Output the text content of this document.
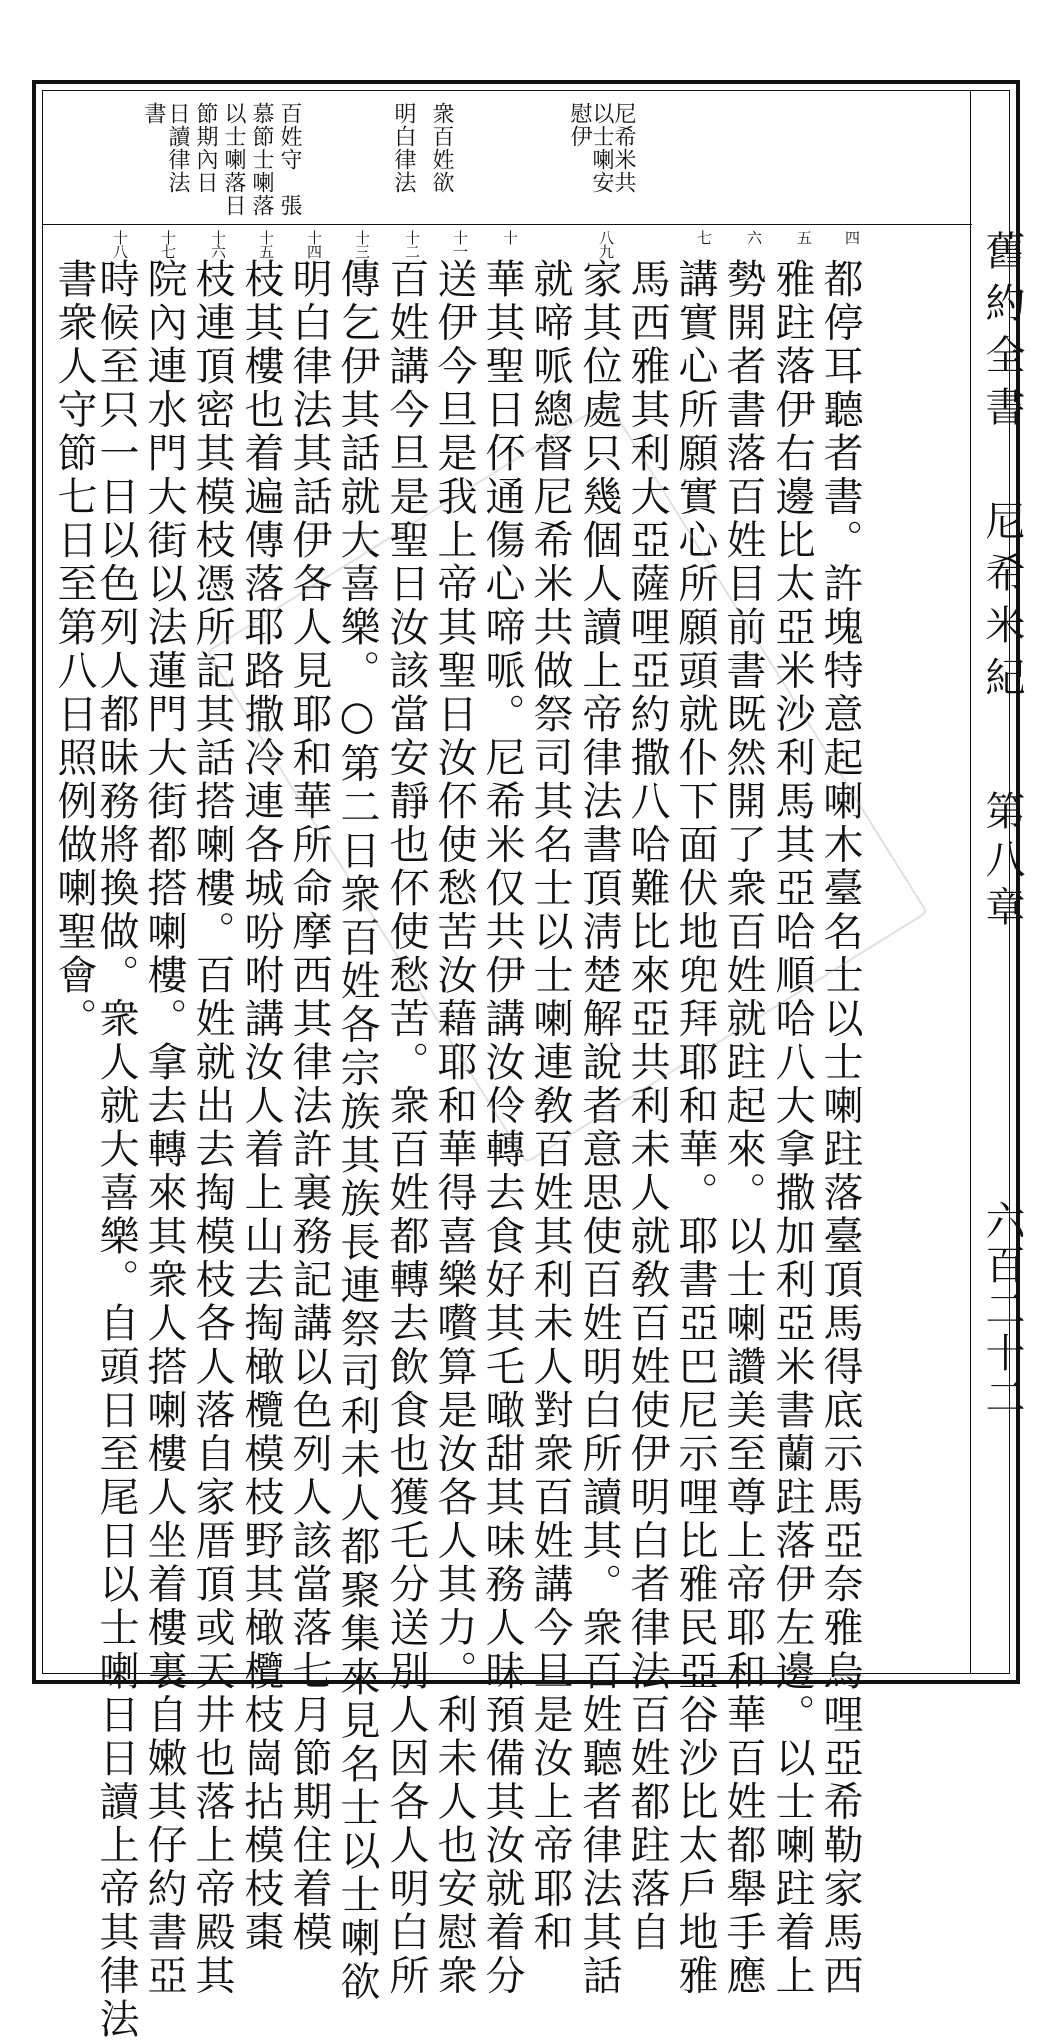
舊約全書
尼希米紀
第八章
六百二十二
尼希米共
以士喇安
慰伊
衆百姓欲
明白律法
百姓守　張
慕節士喇落
以士喇落日
節期內日
日讀律法
書
四
五
六
七
八九
十
十一
十二
十三
十四
十五
十六
十七
十八
都停耳聽者書。許塊特意起喇木臺名士以士喇跓落臺頂馬得底示馬亞奈雅烏哩亞希勒家馬西
雅跓落伊右邊比太亞米沙利馬其亞哈順哈八大拿撒加利亞米書蘭跓落伊左邊。以士喇跓着上
勢開者書落百姓目前書既然開了衆百姓就跓起來。以士喇讚美至尊上帝耶和華百姓都舉手應
講實心所願實心所願頭就仆下面伏地兜拜耶和華。耶書亞巴尼示哩比雅民亞谷沙比太戶地雅
馬西雅其利大亞薩哩亞約撒八哈難比來亞共利未人就敎百姓使伊明白者律法百姓都跓落自
家其位處只幾個人讀上帝律法書頂淸楚解說者意思使百姓明白所讀其。衆百姓聽者律法其話
就啼哌總督尼希米共做祭司其名士以士喇連敎百姓其利未人對衆百姓講今旦是汝上帝耶和
華其聖日伓通傷心啼哌。尼希米仅共伊講汝伶轉去食好其乇噉甜其味務人昧預備其汝就着分
送伊今旦是我上帝其聖日汝伓使愁苦汝藉耶和華得喜樂嚽算是汝各人其力。利未人也安慰衆
百姓講今旦是聖日汝該當安靜也伓使愁苦。衆百姓都轉去飲食也獲乇分送別人因各人明白所
傳乞伊其話就大喜樂。○第二日衆百姓各宗族其族長連祭司利未人都聚集來見名士以士喇欲
明白律法其話伊各人見耶和華所命摩西其律法許裏務記講以色列人該當落七月節期住着模
枝其樓也着遍傳落耶路撒冷連各城吩咐講汝人着上山去掏橄欖模枝野其橄欖枝崗拈模枝棗
枝連頂密其模枝憑所記其話搭喇樓。百姓就出去掏模枝各人落自家厝頂或天井也落上帝殿其
院內連水門大街以法蓮門大街都搭喇樓。拿去轉來其衆人搭喇樓人坐着樓裏自嫩其仔約書亞
時候至只一日以色列人都昧務將換做。衆人就大喜樂。自頭日至尾日以士喇日日讀上帝其律法
書衆人守節七日至第八日照例做喇聖會。
